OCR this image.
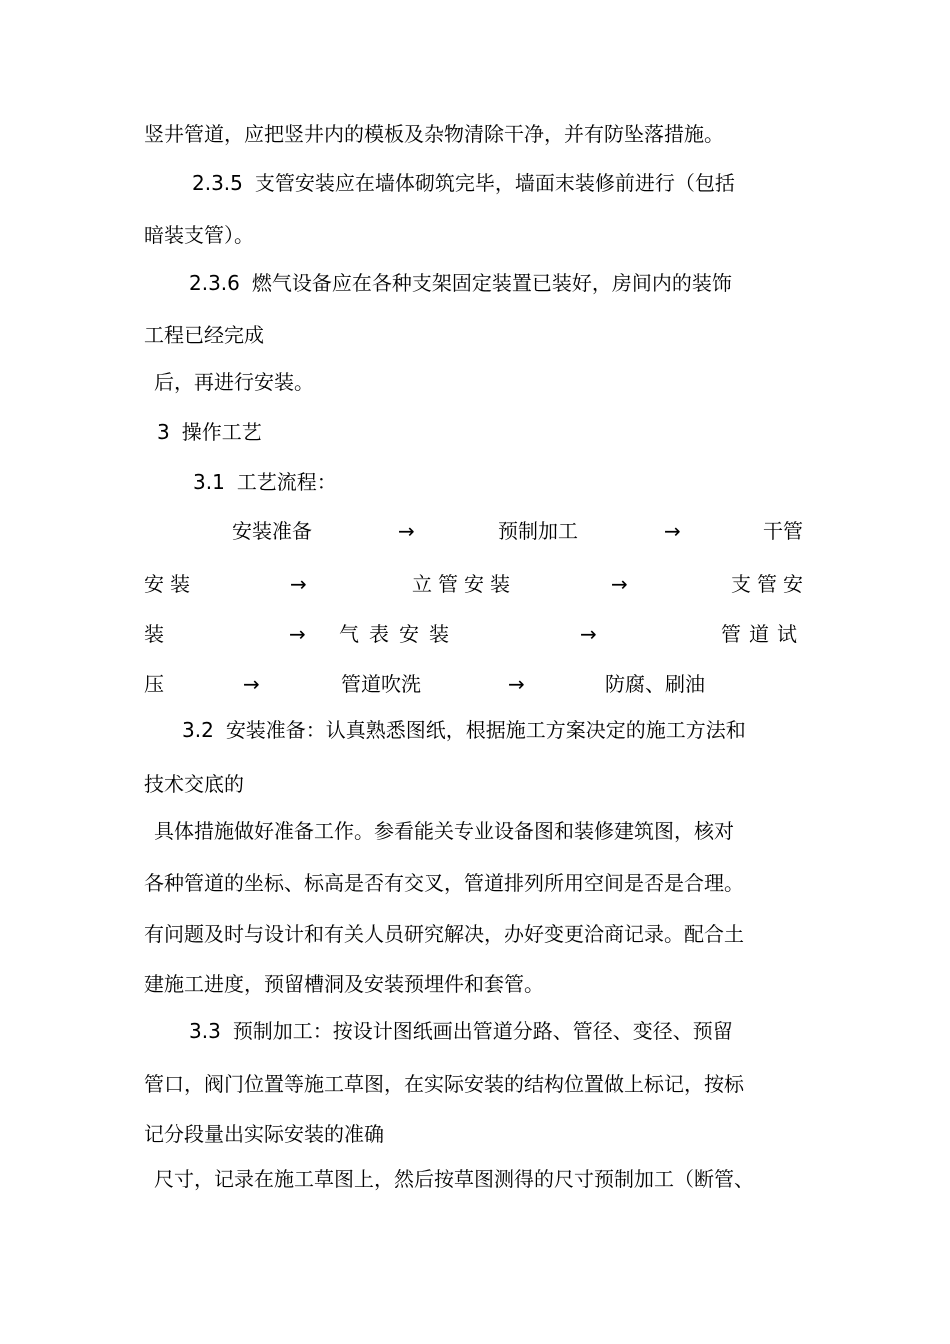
竖井管道，应把竖井内的模板及杂物清除干净，并有防坠落措施。
2.3.5 支管安装应在墙体砌筑完毕，墙面末装修前进行（包括
暗装支管）。
2.3.6 燃气设备应在各种支架固定装置已装好，房间内的装饰
工程已经完成
后，再进行安装。
3 操作工艺
3.1 工艺流程：
安装准备	→	预制加工	→	干管
安装	→	立管安装	→	支管安
装	→ 气表安装	→	管道试
压	→	管道吹洗	→	防腐、刷油
3.2 安装准备：认真熟悉图纸，根据施工方案决定的施工方法和
技术交底的
具体措施做好准备工作。参看能关专业设备图和装修建筑图，核对
各种管道的坐标、标高是否有交叉，管道排列所用空间是否是合理。
有问题及时与设计和有关人员研究解决，办好变更洽商记录。配合土
建施工进度，预留槽洞及安装预埋件和套管。
3.3 预制加工：按设计图纸画出管道分路、管径、变径、预留
管口，阀门位置等施工草图，在实际安装的结构位置做上标记，按标
记分段量出实际安装的准确
尺寸，记录在施工草图上，然后按草图测得的尺寸预制加工（断管、
